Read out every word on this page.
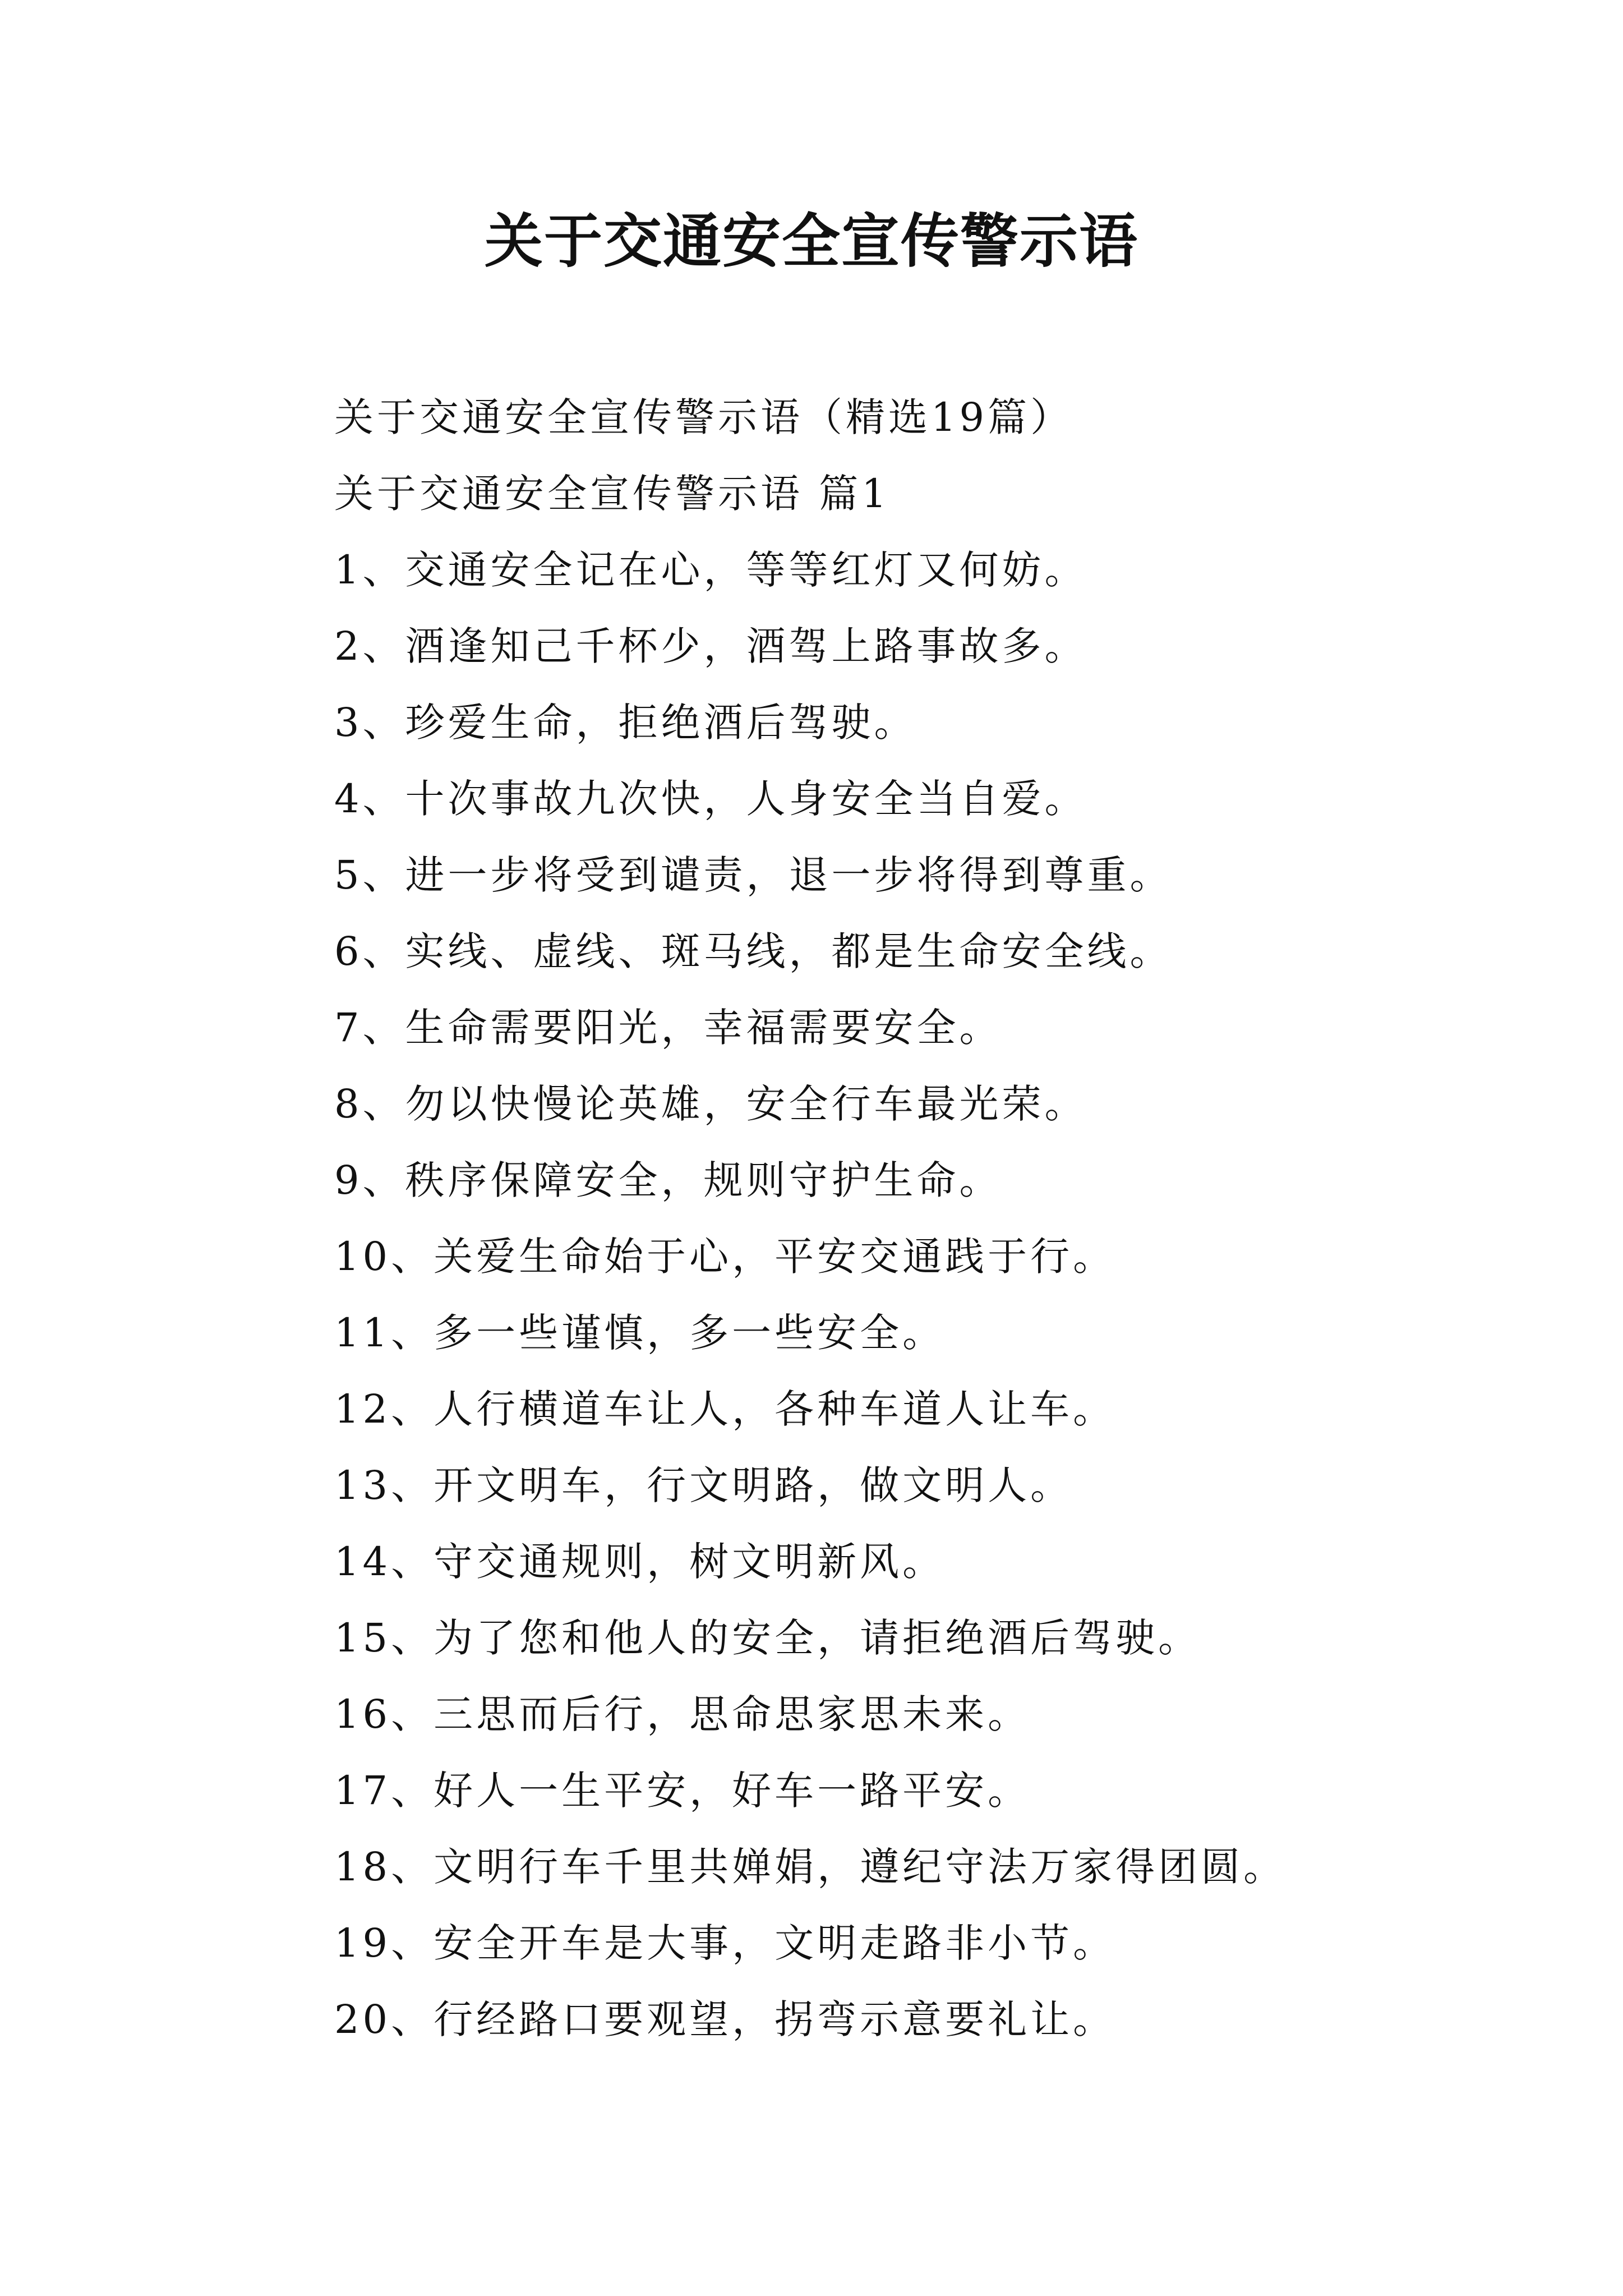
关于交通安全宣传警示语
关于交通安全宣传警示语（精选19篇）
关于交通安全宣传警示语 篇1
1、交通安全记在心，等等红灯又何妨。
2、酒逢知己千杯少，酒驾上路事故多。
3、珍爱生命，拒绝酒后驾驶。
4、十次事故九次快，人身安全当自爱。
5、进一步将受到谴责，退一步将得到尊重。
6、实线、虚线、斑马线，都是生命安全线。
7、生命需要阳光，幸福需要安全。
8、勿以快慢论英雄，安全行车最光荣。
9、秩序保障安全，规则守护生命。
10、关爱生命始于心，平安交通践于行。
11、多一些谨慎，多一些安全。
12、人行横道车让人，各种车道人让车。
13、开文明车，行文明路，做文明人。
14、守交通规则，树文明新风。
15、为了您和他人的安全，请拒绝酒后驾驶。
16、三思而后行，思命思家思未来。
17、好人一生平安，好车一路平安。
18、文明行车千里共婵娟，遵纪守法万家得团圆。
19、安全开车是大事，文明走路非小节。
20、行经路口要观望，拐弯示意要礼让。
